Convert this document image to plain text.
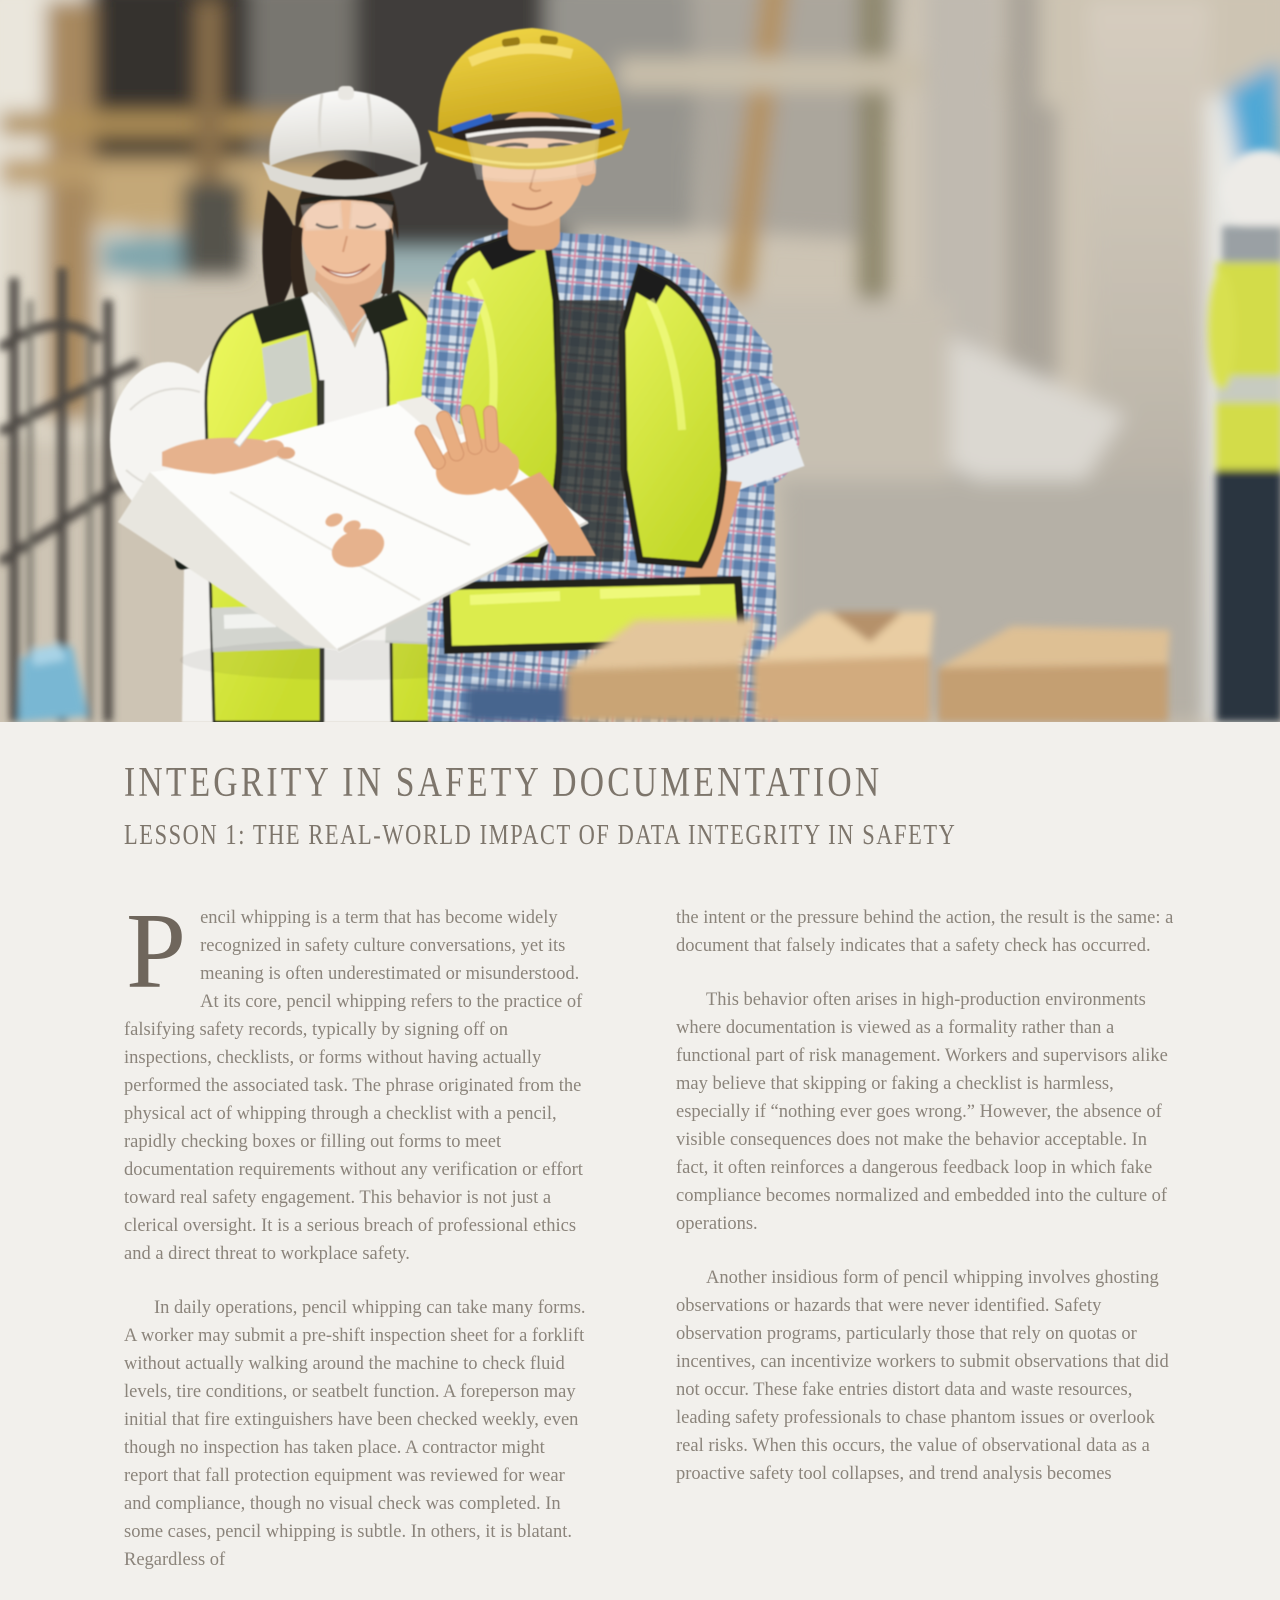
INTEGRITY IN SAFETY DOCUMENTATION
LESSON 1: THE REAL-WORLD IMPACT OF DATA INTEGRITY IN SAFETY

Pencil whipping is a term that has become widely recognized in safety culture conversations, yet its meaning is often underestimated or misunderstood. At its core, pencil whipping refers to the practice of falsifying safety records, typically by signing off on inspections, checklists, or forms without having actually performed the associated task. The phrase originated from the physical act of whipping through a checklist with a pencil, rapidly checking boxes or filling out forms to meet documentation requirements without any verification or effort toward real safety engagement. This behavior is not just a clerical oversight. It is a serious breach of professional ethics and a direct threat to workplace safety.

In daily operations, pencil whipping can take many forms. A worker may submit a pre-shift inspection sheet for a forklift without actually walking around the machine to check fluid levels, tire conditions, or seatbelt function. A foreperson may initial that fire extinguishers have been checked weekly, even though no inspection has taken place. A contractor might report that fall protection equipment was reviewed for wear and compliance, though no visual check was completed. In some cases, pencil whipping is subtle. In others, it is blatant. Regardless of

the intent or the pressure behind the action, the result is the same: a document that falsely indicates that a safety check has occurred.

This behavior often arises in high-production environments where documentation is viewed as a formality rather than a functional part of risk management. Workers and supervisors alike may believe that skipping or faking a checklist is harmless, especially if “nothing ever goes wrong.” However, the absence of visible consequences does not make the behavior acceptable. In fact, it often reinforces a dangerous feedback loop in which fake compliance becomes normalized and embedded into the culture of operations.

Another insidious form of pencil whipping involves ghosting observations or hazards that were never identified. Safety observation programs, particularly those that rely on quotas or incentives, can incentivize workers to submit observations that did not occur. These fake entries distort data and waste resources, leading safety professionals to chase phantom issues or overlook real risks. When this occurs, the value of observational data as a proactive safety tool collapses, and trend analysis becomes
